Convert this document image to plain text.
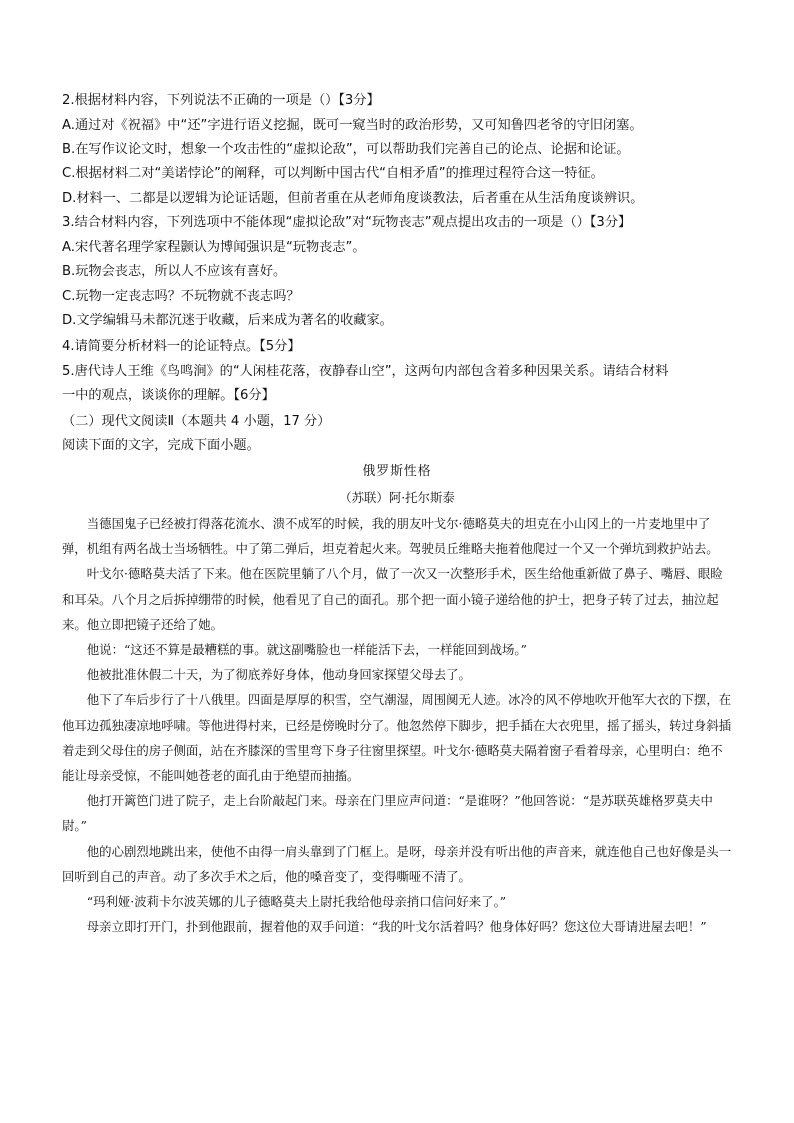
2.根据材料内容，下列说法不正确的一项是（）【3分】
A.通过对《祝福》中“还”字进行语义挖掘，既可一窥当时的政治形势，又可知鲁四老爷的守旧闭塞。
B.在写作议论文时，想象一个攻击性的“虚拟论敌”，可以帮助我们完善自己的论点、论据和论证。
C.根据材料二对“美诺悖论”的阐释，可以判断中国古代“自相矛盾”的推理过程符合这一特征。
D.材料一、二都是以逻辑为论证话题，但前者重在从老师角度谈教法，后者重在从生活角度谈辨识。
3.结合材料内容，下列选项中不能体现“虚拟论敌”对“玩物丧志”观点提出攻击的一项是（）【3分】
A.宋代著名理学家程颢认为博闻强识是“玩物丧志”。
B.玩物会丧志，所以人不应该有喜好。
C.玩物一定丧志吗？不玩物就不丧志吗？
D.文学编辑马未都沉迷于收藏，后来成为著名的收藏家。
4.请简要分析材料一的论证特点。【5分】
5.唐代诗人王维《鸟鸣涧》的“人闲桂花落，夜静春山空”，这两句内部包含着多种因果关系。请结合材料
一中的观点，谈谈你的理解。【6分】
（二）现代文阅读Ⅱ（本题共 4 小题，17 分）
阅读下面的文字，完成下面小题。
俄罗斯性格
（苏联）阿·托尔斯泰

当德国鬼子已经被打得落花流水、溃不成军的时候，我的朋友叶戈尔·德略莫夫的坦克在小山冈上的一片麦地里中了弹，机组有两名战士当场牺牲。中了第二弹后，坦克着起火来。驾驶员丘维略夫拖着他爬过一个又一个弹坑到救护站去。

叶戈尔·德略莫夫活了下来。他在医院里躺了八个月，做了一次又一次整形手术，医生给他重新做了鼻子、嘴唇、眼睑和耳朵。八个月之后拆掉绷带的时候，他看见了自己的面孔。那个把一面小镜子递给他的护士，把身子转了过去，抽泣起来。他立即把镜子还给了她。

他说：“这还不算是最糟糕的事。就这副嘴脸也一样能活下去，一样能回到战场。”

他被批准休假二十天，为了彻底养好身体，他动身回家探望父母去了。

他下了车后步行了十八俄里。四面是厚厚的积雪，空气潮湿，周围阒无人迹。冰冷的风不停地吹开他军大衣的下摆，在他耳边孤独凄凉地呼啸。等他进得村来，已经是傍晚时分了。他忽然停下脚步，把手插在大衣兜里，摇了摇头，转过身斜插着走到父母住的房子侧面，站在齐膝深的雪里弯下身子往窗里探望。叶戈尔·德略莫夫隔着窗子看着母亲，心里明白：绝不能让母亲受惊，不能叫她苍老的面孔由于绝望而抽搐。

他打开篱笆门进了院子，走上台阶敲起门来。母亲在门里应声问道：“是谁呀？”他回答说：“是苏联英雄格罗莫夫中尉。”

他的心剧烈地跳出来，使他不由得一肩头靠到了门框上。是呀，母亲并没有听出他的声音来，就连他自己也好像是头一回听到自己的声音。动了多次手术之后，他的嗓音变了，变得嘶哑不清了。

“玛利娅·波莉卡尔波芙娜的儿子德略莫夫上尉托我给他母亲捎口信问好来了。”

母亲立即打开门，扑到他跟前，握着他的双手问道：“我的叶戈尔活着吗？他身体好吗？您这位大哥请进屋去吧！”
